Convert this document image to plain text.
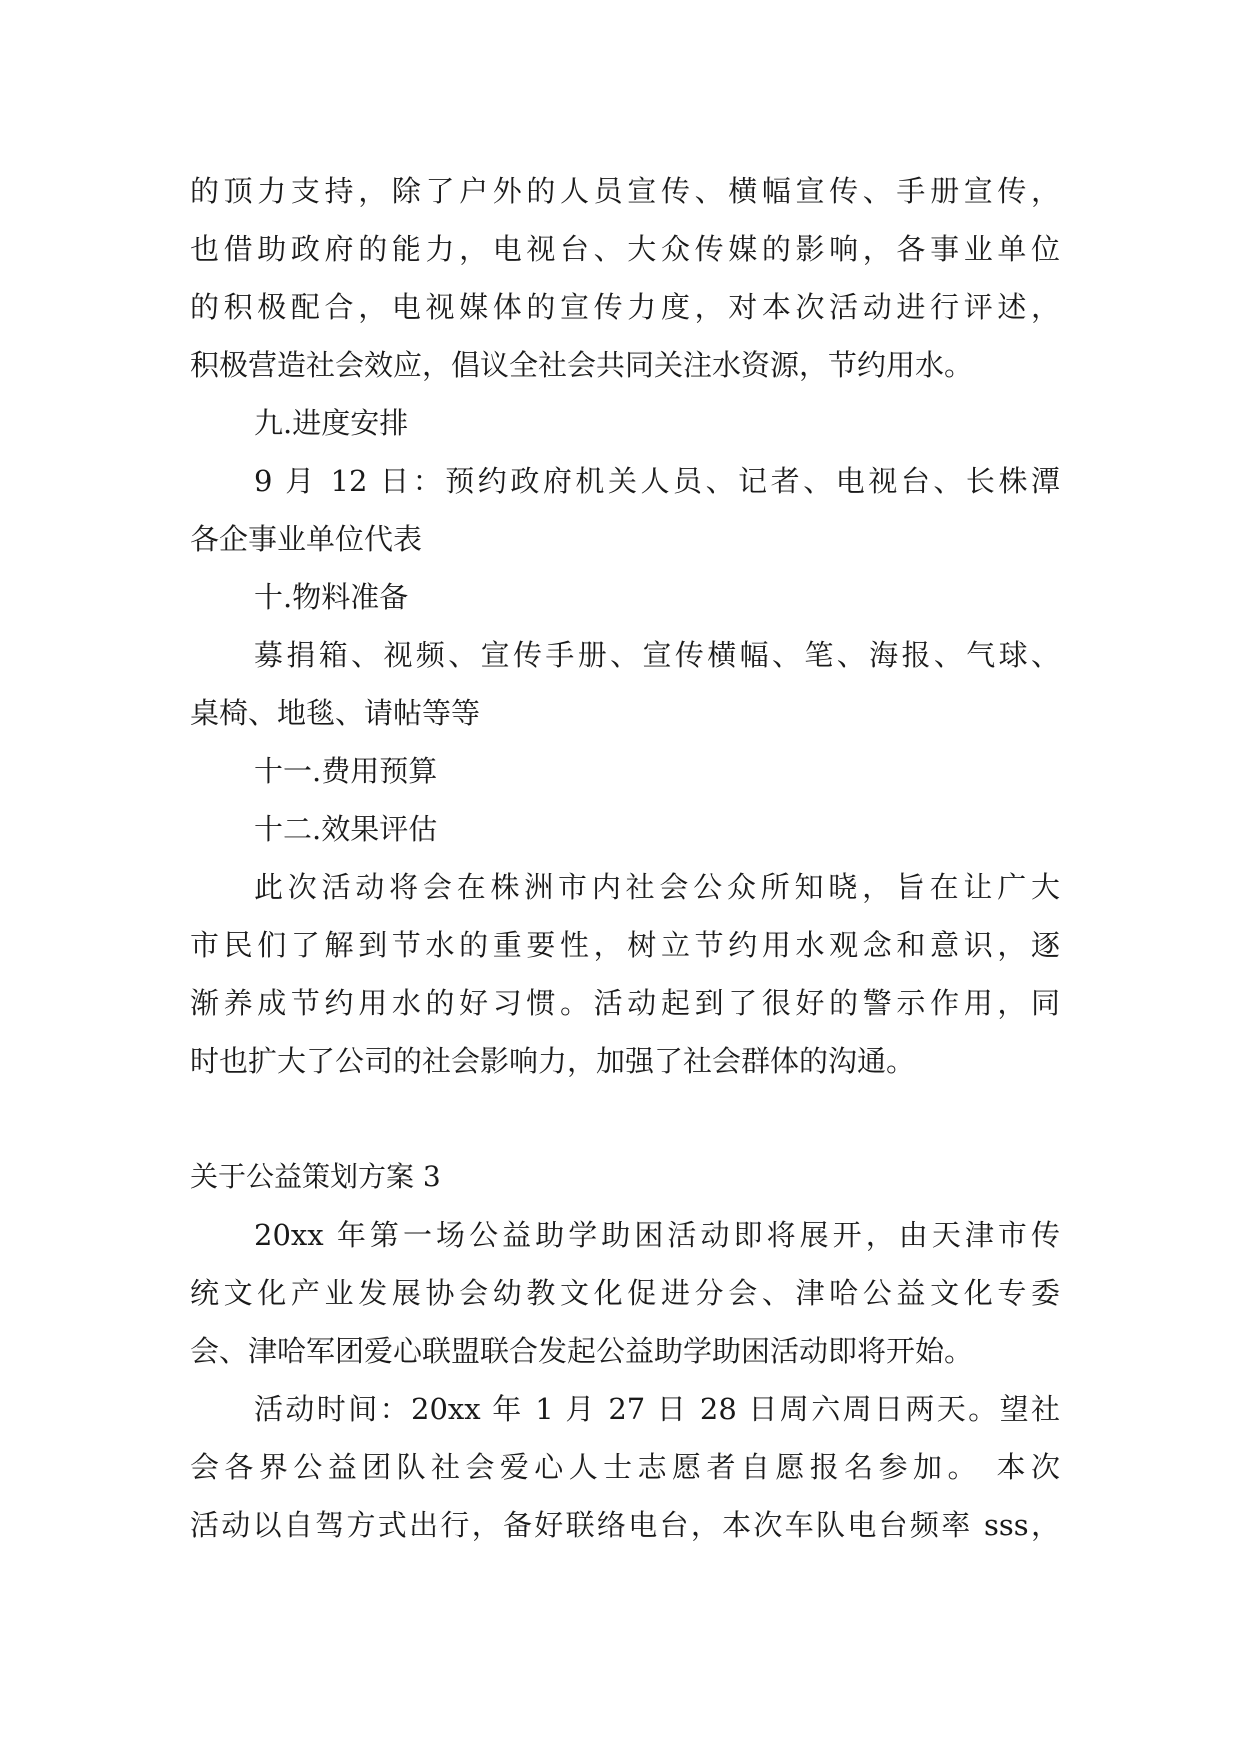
的顶力支持，除了户外的人员宣传、横幅宣传、手册宣传，
也借助政府的能力，电视台、大众传媒的影响，各事业单位
的积极配合，电视媒体的宣传力度，对本次活动进行评述，
积极营造社会效应，倡议全社会共同关注水资源，节约用水。
九.进度安排
9 月 12 日：预约政府机关人员、记者、电视台、长株潭
各企事业单位代表
十.物料准备
募捐箱、视频、宣传手册、宣传横幅、笔、海报、气球、
桌椅、地毯、请帖等等
十一.费用预算
十二.效果评估
此次活动将会在株洲市内社会公众所知晓，旨在让广大
市民们了解到节水的重要性，树立节约用水观念和意识，逐
渐养成节约用水的好习惯。活动起到了很好的警示作用，同
时也扩大了公司的社会影响力，加强了社会群体的沟通。
关于公益策划方案 3
20xx 年第一场公益助学助困活动即将展开，由天津市传
统文化产业发展协会幼教文化促进分会、津哈公益文化专委
会、津哈军团爱心联盟联合发起公益助学助困活动即将开始。
活动时间：20xx 年 1 月 27 日 28 日周六周日两天。望社
会各界公益团队社会爱心人士志愿者自愿报名参加。 本次
活动以自驾方式出行，备好联络电台，本次车队电台频率 sss，
